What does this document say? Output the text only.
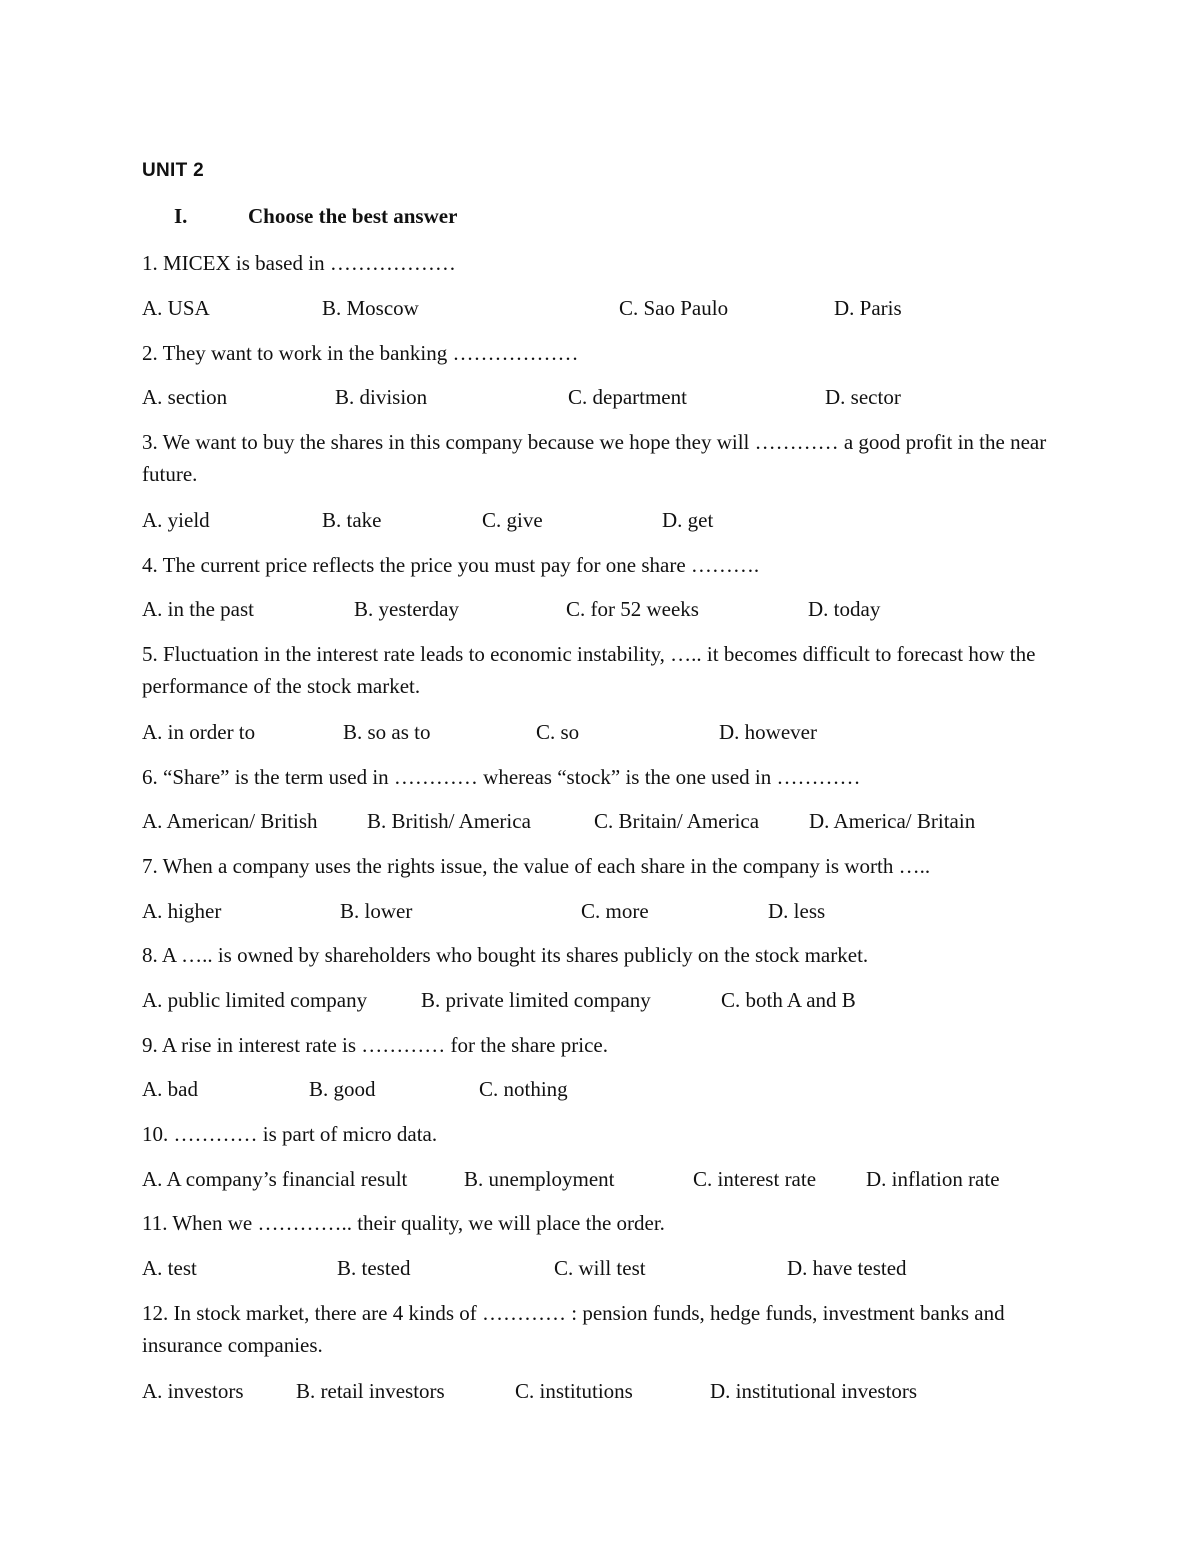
UNIT 2
I.	Choose the best answer
1. MICEX is based in ………………
A. USA	B. Moscow	C. Sao Paulo	D. Paris
2. They want to work in the banking ………………
A. section	B. division	C. department	D. sector
3. We want to buy the shares in this company because we hope they will ………… a good profit in the near future.
A. yield	B. take	C. give	D. get
4. The current price reflects the price you must pay for one share ……….
A. in the past	B. yesterday	C. for 52 weeks	D. today
5. Fluctuation in the interest rate leads to economic instability, ….. it becomes difficult to forecast how the performance of the stock market.
A. in order to	B. so as to	C. so	D. however
6. “Share” is the term used in ………… whereas “stock” is the one used in …………
A. American/ British B. British/ America	C. Britain/ America D. America/ Britain
7. When a company uses the rights issue, the value of each share in the company is worth …..
A. higher	B. lower	C. more	D. less
8. A ….. is owned by shareholders who bought its shares publicly on the stock market.
A. public limited company	B. private limited company	C. both A and B
9. A rise in interest rate is ………… for the share price.
A. bad	B. good	C. nothing
10. ………… is part of micro data.
A. A company’s financial result	B. unemployment	C. interest rate D. inflation rate
11. When we ………….. their quality, we will place the order.
A. test	B. tested	C. will test	D. have tested
12. In stock market, there are 4 kinds of ………… : pension funds, hedge funds, investment banks and insurance companies.
A. investors	B. retail investors	C. institutions	D. institutional investors
